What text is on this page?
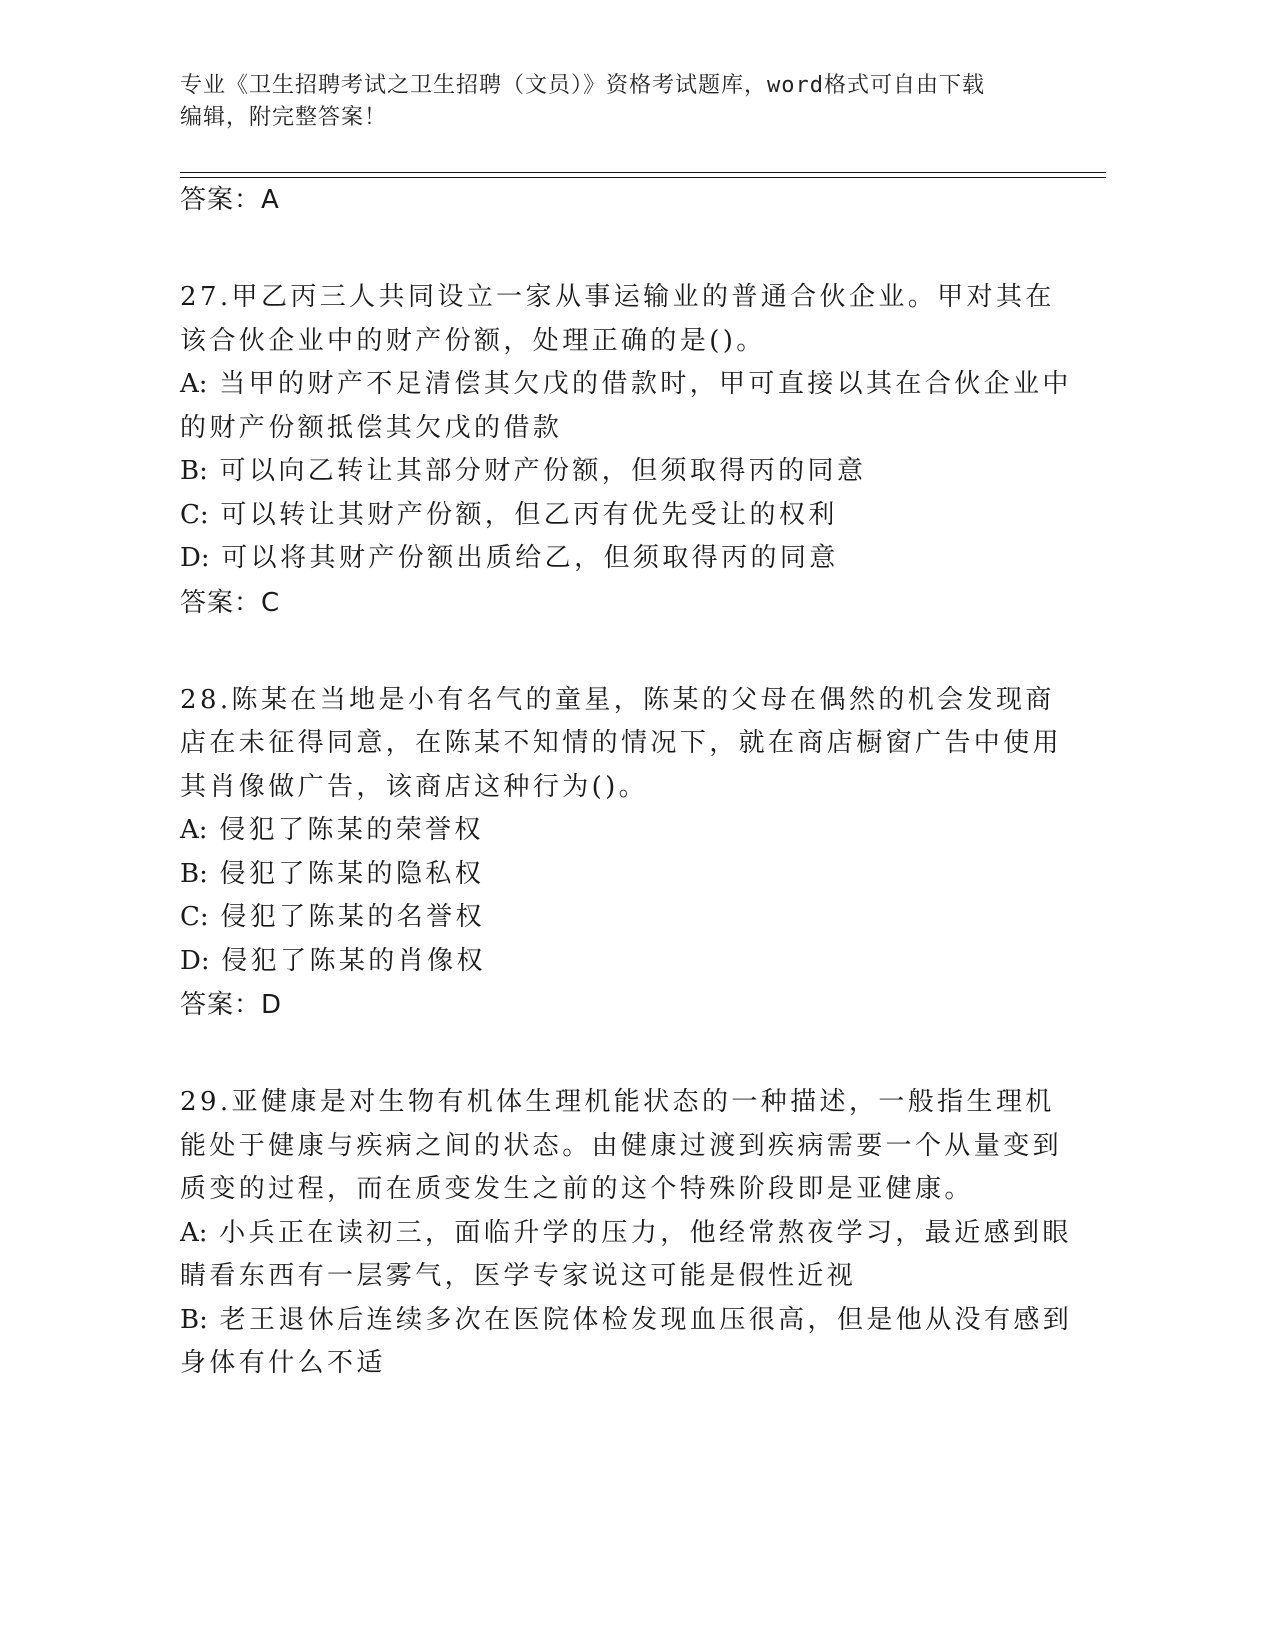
专业《卫生招聘考试之卫生招聘（文员）》资格考试题库，word格式可自由下载
编辑，附完整答案！

答案：A

27.甲乙丙三人共同设立一家从事运输业的普通合伙企业。甲对其在该合伙企业中的财产份额，处理正确的是()。

A: 当甲的财产不足清偿其欠戊的借款时，甲可直接以其在合伙企业中的财产份额抵偿其欠戊的借款

B: 可以向乙转让其部分财产份额，但须取得丙的同意

C: 可以转让其财产份额，但乙丙有优先受让的权利

D: 可以将其财产份额出质给乙，但须取得丙的同意

答案：C

28.陈某在当地是小有名气的童星，陈某的父母在偶然的机会发现商店在未征得同意，在陈某不知情的情况下，就在商店橱窗广告中使用其肖像做广告，该商店这种行为()。

A: 侵犯了陈某的荣誉权

B: 侵犯了陈某的隐私权

C: 侵犯了陈某的名誉权

D: 侵犯了陈某的肖像权

答案：D

29.亚健康是对生物有机体生理机能状态的一种描述，一般指生理机能处于健康与疾病之间的状态。由健康过渡到疾病需要一个从量变到质变的过程，而在质变发生之前的这个特殊阶段即是亚健康。

A: 小兵正在读初三，面临升学的压力，他经常熬夜学习，最近感到眼睛看东西有一层雾气，医学专家说这可能是假性近视

B: 老王退休后连续多次在医院体检发现血压很高，但是他从没有感到身体有什么不适
